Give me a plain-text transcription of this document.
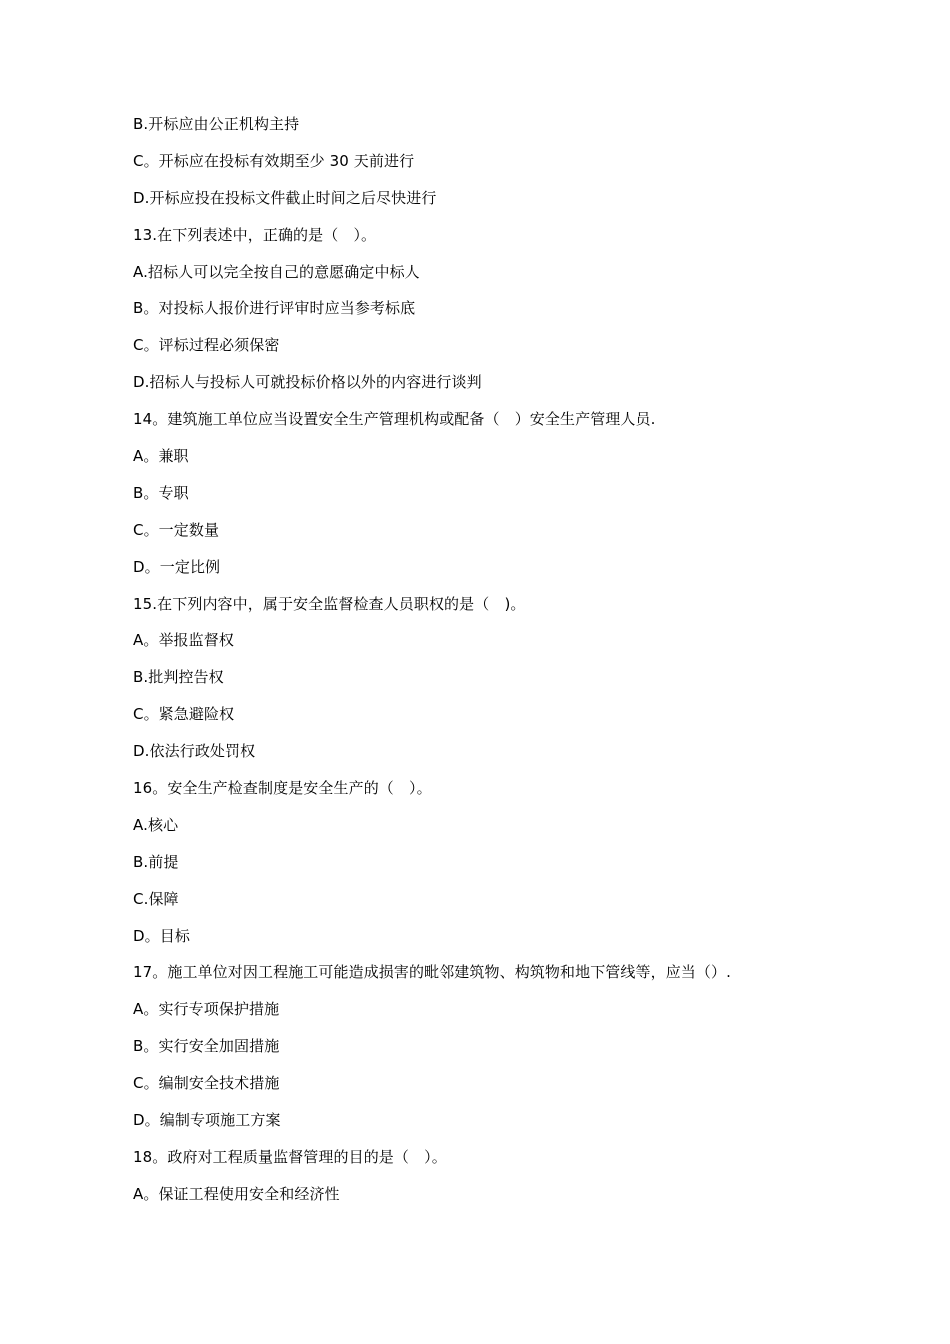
B.开标应由公正机构主持
C。开标应在投标有效期至少 30 天前进行
D.开标应投在投标文件截止时间之后尽快进行
13.在下列表述中，正确的是（　）。
A.招标人可以完全按自己的意愿确定中标人
B。对投标人报价进行评审时应当参考标底
C。评标过程必须保密
D.招标人与投标人可就投标价格以外的内容进行谈判
14。建筑施工单位应当设置安全生产管理机构或配备（　）安全生产管理人员.
A。兼职
B。专职
C。一定数量
D。一定比例
15.在下列内容中，属于安全监督检查人员职权的是（　)。
A。举报监督权
B.批判控告权
C。紧急避险权
D.依法行政处罚权
16。安全生产检查制度是安全生产的（　）。
A.核心
B.前提
C.保障
D。目标
17。施工单位对因工程施工可能造成损害的毗邻建筑物、构筑物和地下管线等，应当（）.
A。实行专项保护措施
B。实行安全加固措施
C。编制安全技术措施
D。编制专项施工方案
18。政府对工程质量监督管理的目的是（　）。
A。保证工程使用安全和经济性
